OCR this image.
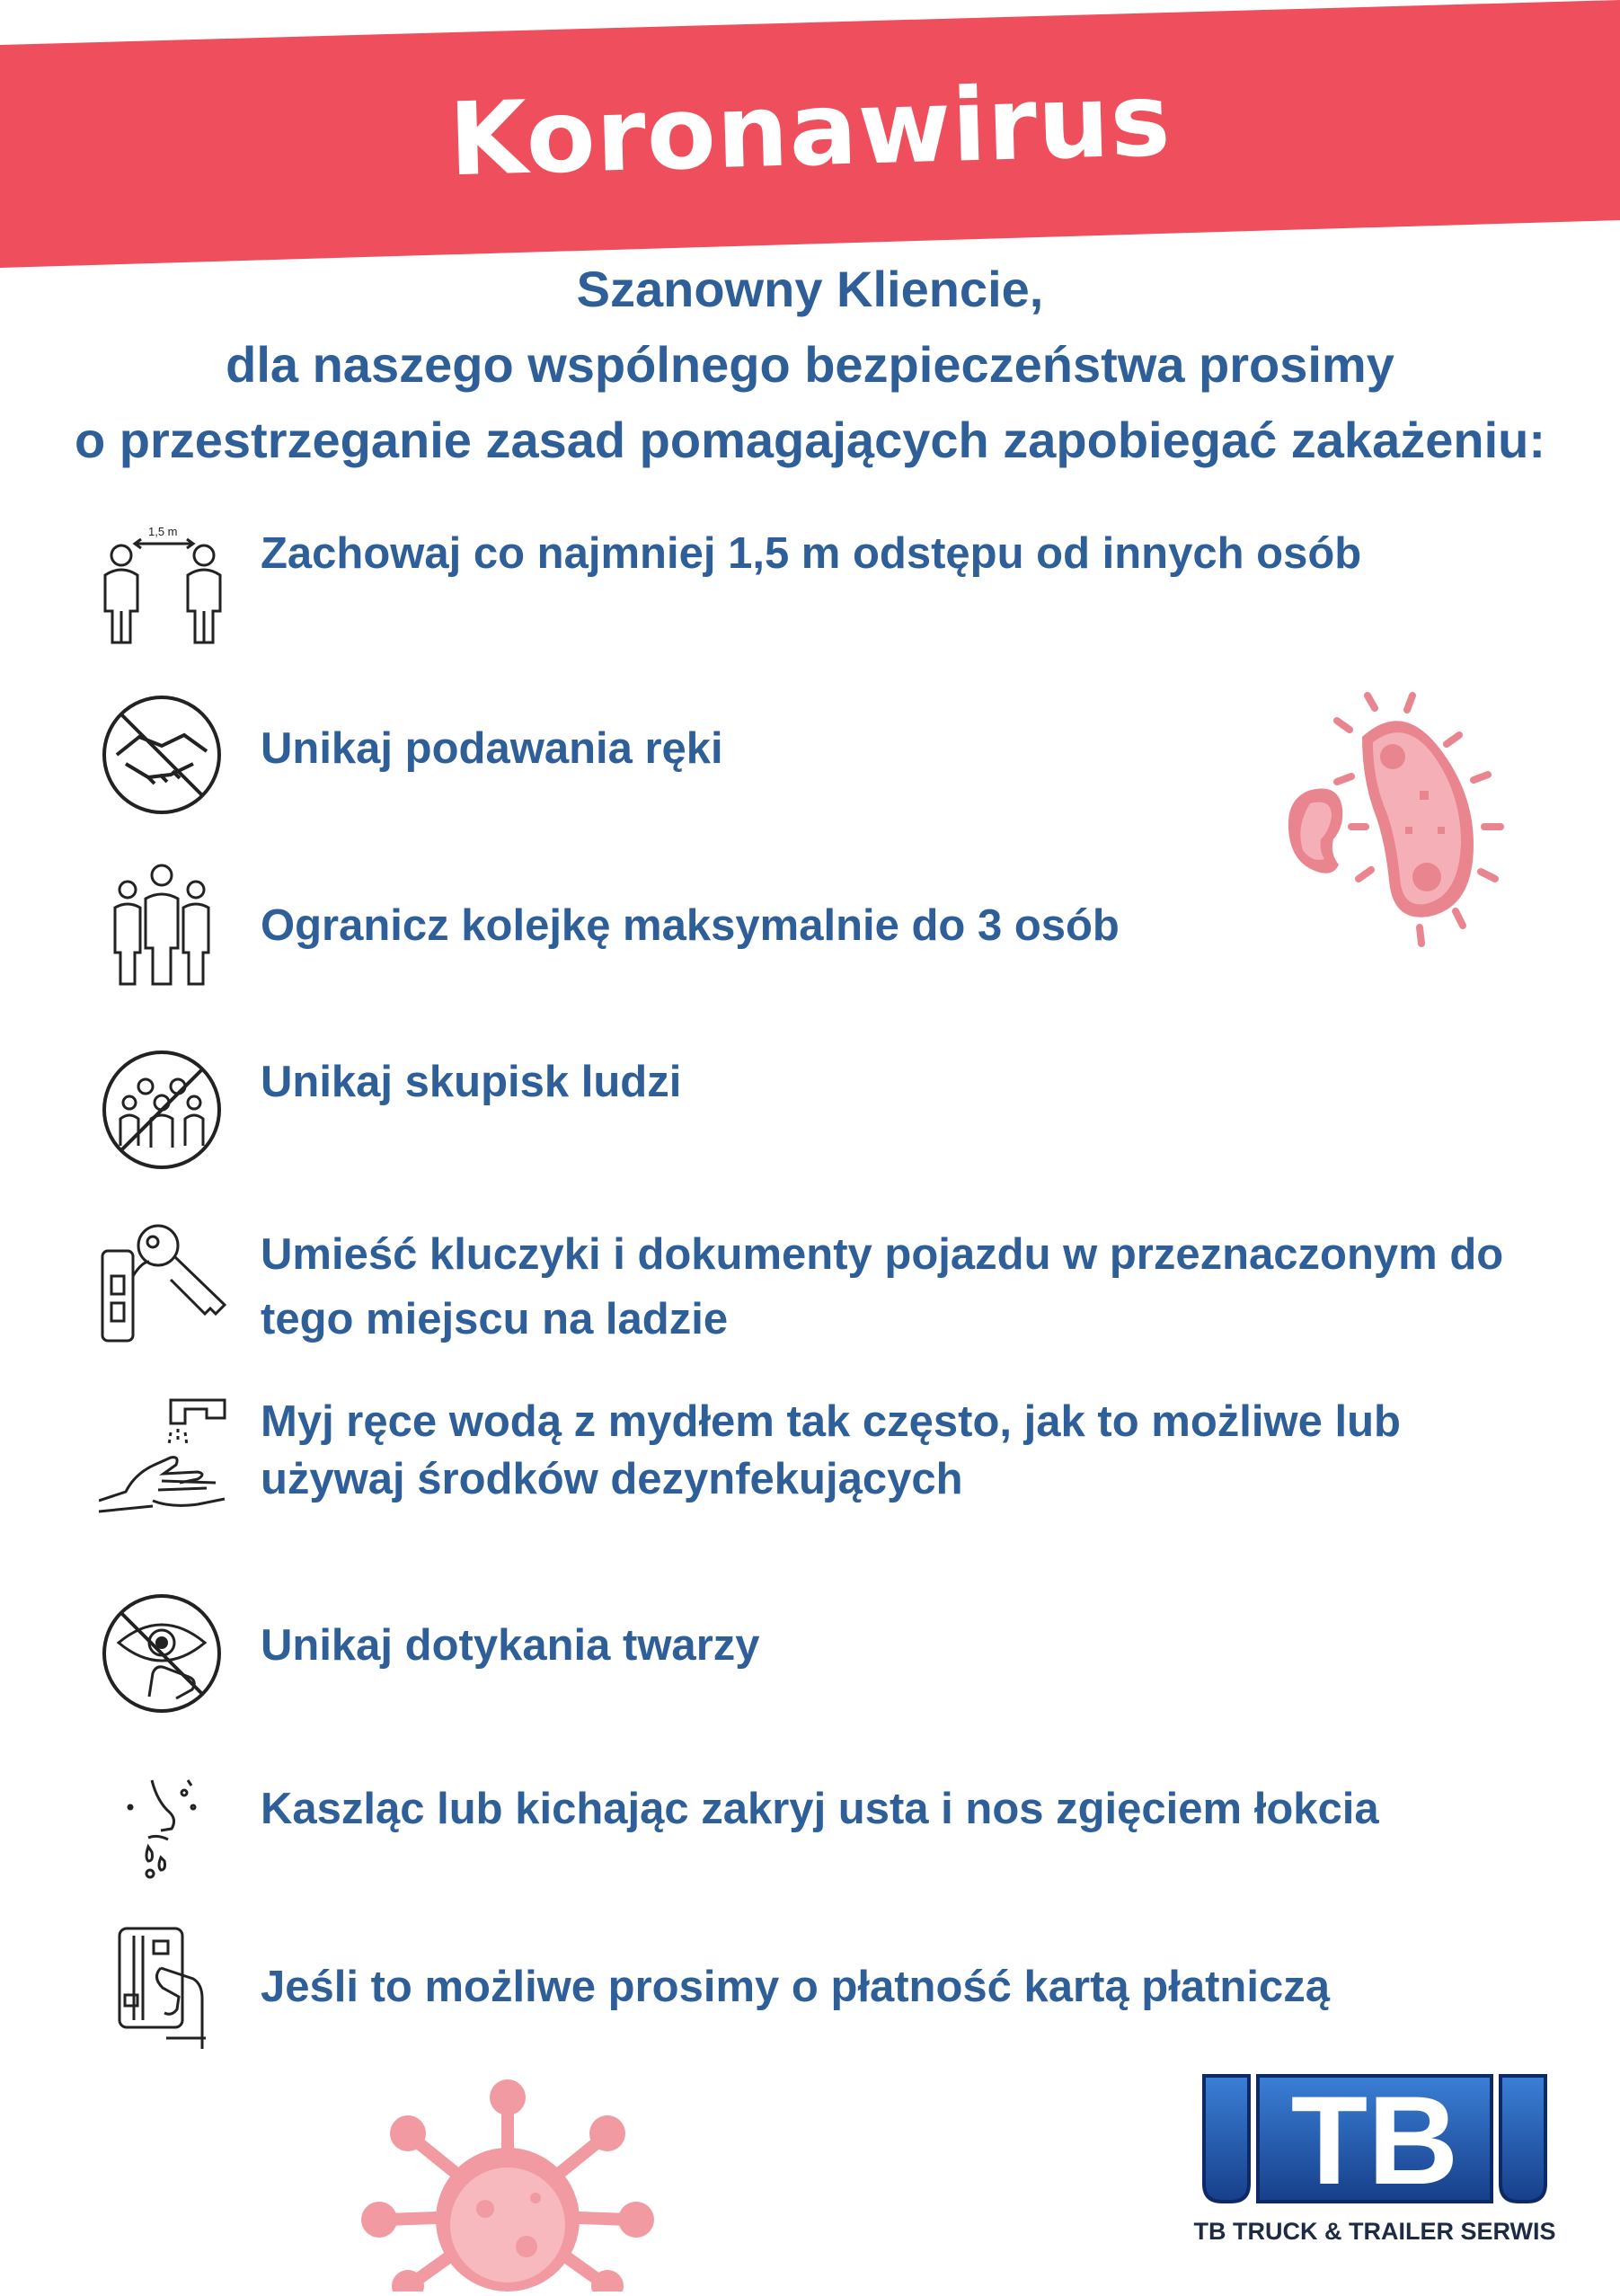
Koronawirus
Szanowny Kliencie,
dla naszego wspólnego bezpieczeństwa prosimy
o przestrzeganie zasad pomagających zapobiegać zakażeniu:
1,5 m Zachowaj co najmniej 1,5 m odstępu od innych osób
Unikaj podawania ręki
Ogranicz kolejkę maksymalnie do 3 osób
Unikaj skupisk ludzi
Umieść kluczyki i dokumenty pojazdu w przeznaczonym do
tego miejscu na ladzie
Myj ręce wodą z mydłem tak często, jak to możliwe lub
używaj środków dezynfekujących
Unikaj dotykania twarzy
Kaszląc lub kichając zakryj usta i nos zgięciem łokcia
Jeśli to możliwe prosimy o płatność kartą płatniczą
TB
TB TRUCK & TRAILER SERWIS
